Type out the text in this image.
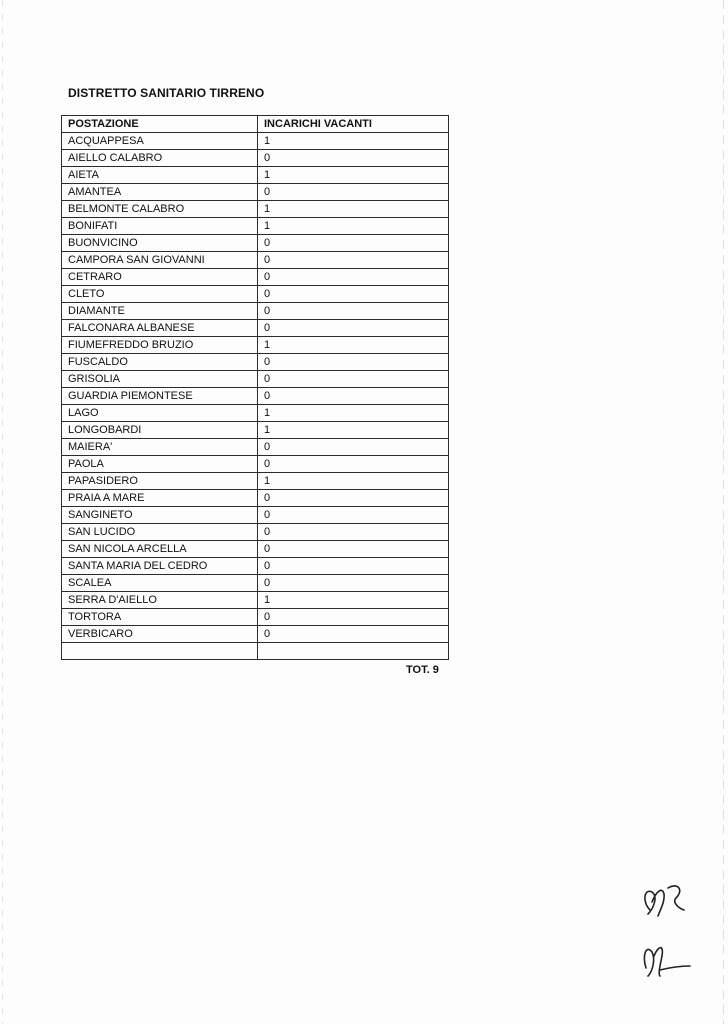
DISTRETTO SANITARIO TIRRENO
POSTAZIONE	INCARICHI VACANTI
ACQUAPPESA	1
AIELLO CALABRO	0
AIETA	1
AMANTEA	0
BELMONTE CALABRO	1
BONIFATI	1
BUONVICINO	0
CAMPORA SAN GIOVANNI	0
CETRARO	0
CLETO	0
DIAMANTE	0
FALCONARA ALBANESE	0
FIUMEFREDDO BRUZIO	1
FUSCALDO	0
GRISOLIA	0
GUARDIA PIEMONTESE	0
LAGO	1
LONGOBARDI	1
MAIERA'	0
PAOLA	0
PAPASIDERO	1
PRAIA A MARE	0
SANGINETO	0
SAN LUCIDO	0
SAN NICOLA ARCELLA	0
SANTA MARIA DEL CEDRO	0
SCALEA	0
SERRA D'AIELLO	1
TORTORA	0
VERBICARO	0

TOT. 9
